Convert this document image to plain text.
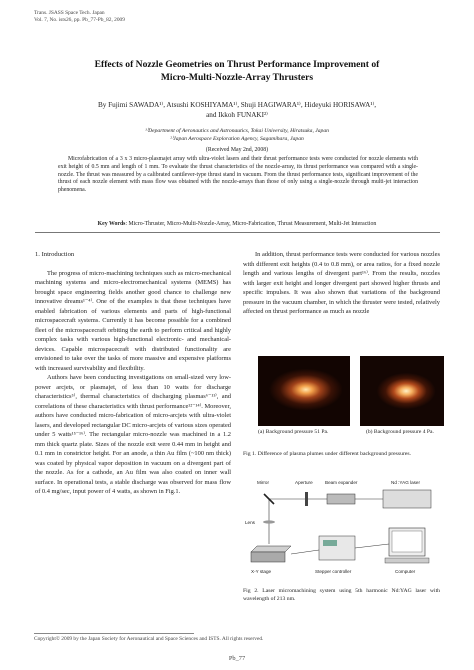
Trans. JSASS Space Tech. Japan
Vol. 7, No. ists26, pp. Pb_77-Pb_82, 2009
Effects of Nozzle Geometries on Thrust Performance Improvement of
Micro-Multi-Nozzle-Array Thrusters
By Fujimi SAWADA¹⁾, Atsushi KOSHIYAMA¹⁾, Shuji HAGIWARA¹⁾, Hideyuki HORISAWA¹⁾,
and Ikkoh FUNAKI²⁾
¹⁾Department of Aeronautics and Astronautics, Tokai University, Hiratsuka, Japan
²⁾Japan Aerospace Exploration Agency, Sagamihara, Japan
(Received May 2nd, 2008)
Microfabrication of a 3 x 3 micro-plasmajet array with ultra-violet lasers and their thrust performance tests were conducted for nozzle elements with exit height of 0.5 mm and length of 1 mm. To evaluate the thrust characteristics of the nozzle-array, its thrust performance was compared with a single-nozzle. The thrust was measured by a calibrated cantilever-type thrust stand in vacuum. From the thrust performance tests, significant improvement of the thrust of each nozzle element with mass flow was obtained with the nozzle-arrays than those of only using a single-nozzle through multi-jet interaction phenomena.
Key Words: Micro-Thruster, Micro-Multi-Nozzle-Array, Micro-Fabrication, Thrust Measurement, Multi-Jet Interaction
1. Introduction

The progress of micro-machining techniques such as micro-mechanical machining systems and micro-electromechanical systems (MEMS) has brought space engineering fields another good chance to challenge new innovative dreams¹⁻⁴⁾. One of the examples is that these techniques have enabled fabrication of various elements and parts of high-functional microspacecraft systems. Currently it has become possible for a combined fleet of the microspacecraft orbiting the earth to perform critical and highly complex tasks with various high-functional electronic- and mechanical- devices. Capable microspacecraft with distributed functionality are envisioned to take over the tasks of more massive and expensive platforms with increased survivability and flexibility.

Authors have been conducting investigations on small-sized very low-power arcjets, or plasmajet, of less than 10 watts for discharge characteristics⁵⁾, thermal characteristics of discharging plasmas⁶⁻¹¹⁾, and correlations of these characteristics with thrust performance¹²⁻¹⁴⁾. Moreover, authors have conducted micro-fabrication of micro-arcjets with ultra-violet lasers, and developed rectangular DC micro-arcjets of various sizes operated under 5 watts¹⁵⁻¹⁶⁾. The rectangular micro-nozzle was machined in a 1.2 mm thick quartz plate. Sizes of the nozzle exit were 0.44 mm in height and 0.1 mm in constrictor height. For an anode, a thin Au film (~100 nm thick) was coated by physical vapor deposition in vacuum on a divergent part of the nozzle. As for a cathode, an Au film was also coated on inner wall surface. In operational tests, a stable discharge was observed for mass flow of 0.4 mg/sec, input power of 4 watts, as shown in Fig.1.

In addition, thrust performance tests were conducted for various nozzles with different exit heights (0.4 to 0.8 mm), or area ratios, for a fixed nozzle length and various lengths of divergent part¹⁶⁾. From the results, nozzles with larger exit height and longer divergent part showed higher thrusts and specific impulses. It was also shown that variations of the background pressure in the vacuum chamber, in which the thruster were tested, relatively affected on thrust performance as much as nozzle

(a) Background pressure 51 Pa.	(b) Background pressure 4 Pa.
Fig 1. Difference of plasma plumes under different background pressures.
Mirror	Aperture	Beam expander	Nd :YAG laser
Lens
X-Y stage	Stepper controller	Computer
Fig 2. Laser micromachining system using 5th harmonic Nd:YAG laser with wavelength of 213 nm.
Copyright© 2009 by the Japan Society for Aeronautical and Space Sciences and ISTS. All rights reserved.
Pb_77
